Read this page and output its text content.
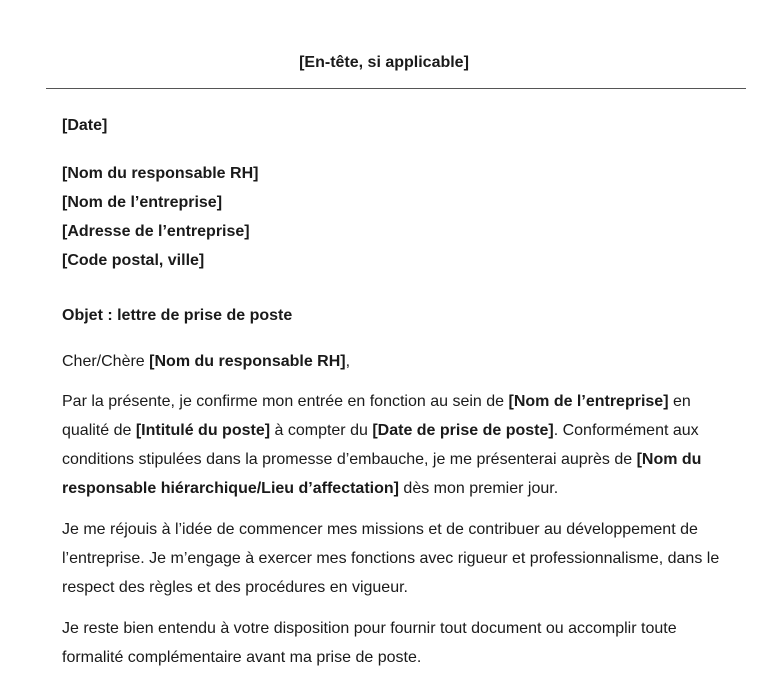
[En-tête, si applicable]
[Date]
[Nom du responsable RH]
[Nom de l’entreprise]
[Adresse de l’entreprise]
[Code postal, ville]
Objet : lettre de prise de poste
Cher/Chère [Nom du responsable RH],

Par la présente, je confirme mon entrée en fonction au sein de [Nom de l’entreprise] en qualité de [Intitulé du poste] à compter du [Date de prise de poste]. Conformément aux conditions stipulées dans la promesse d’embauche, je me présenterai auprès de [Nom du responsable hiérarchique/Lieu d’affectation] dès mon premier jour.

Je me réjouis à l’idée de commencer mes missions et de contribuer au développement de l’entreprise. Je m’engage à exercer mes fonctions avec rigueur et professionnalisme, dans le respect des règles et des procédures en vigueur.

Je reste bien entendu à votre disposition pour fournir tout document ou accomplir toute formalité complémentaire avant ma prise de poste.
